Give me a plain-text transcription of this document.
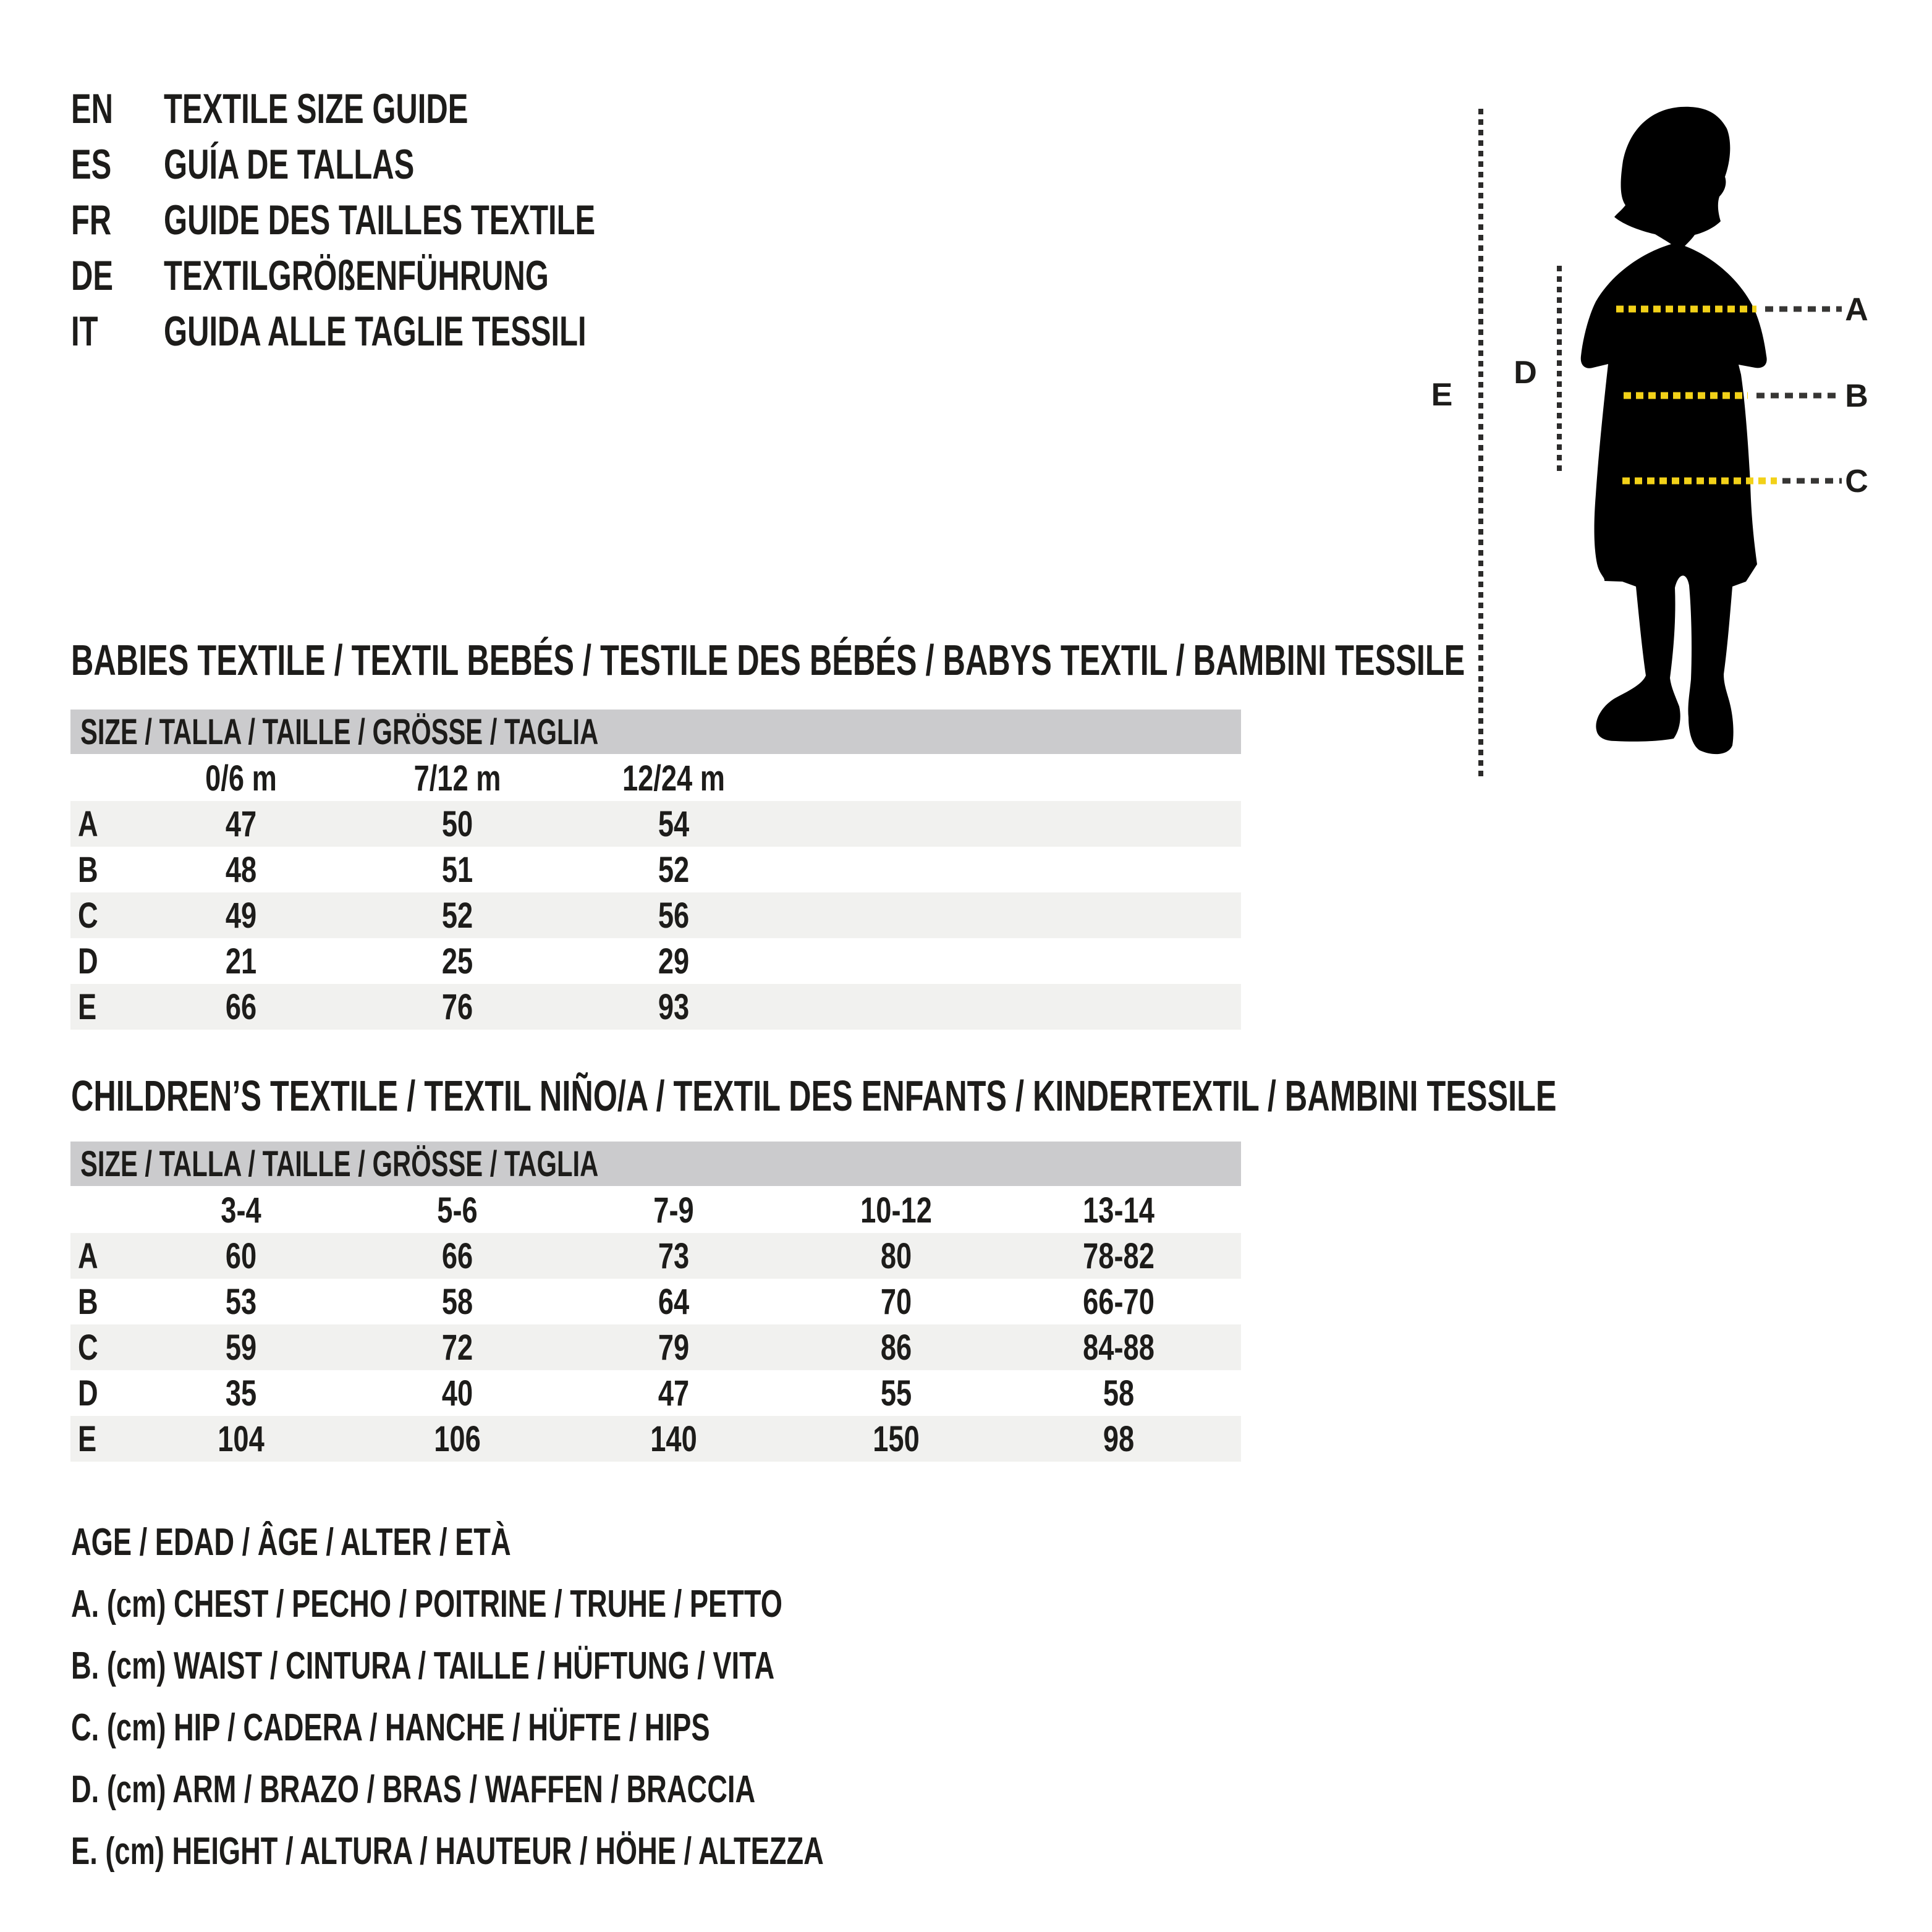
EN	TEXTILE SIZE GUIDE
ES	GUÍA DE TALLAS
FR	GUIDE DES TAILLES TEXTILE
DE	TEXTILGRÖßENFÜHRUNG
IT GUIDA ALLE TAGLIE TESSILI	A
B
C
D
E
BABIES TEXTILE / TEXTIL BEBÉS / TESTILE DES BÉBÉS / BABYS TEXTIL / BAMBINI TESSILE
SIZE / TALLA / TAILLE / GRÖSSE / TAGLIA
0/6 m	7/12 m	12/24 m
A	47	50	54
B	48	51	52
C	49	52	56
D	21	25	29
E	66	76	93
CHILDREN’S TEXTILE / TEXTIL NIÑO/A / TEXTIL DES ENFANTS / KINDERTEXTIL / BAMBINI TESSILE
SIZE / TALLA / TAILLE / GRÖSSE / TAGLIA
3-4	5-6	7-9	10-12	13-14
A	60	66	73	80	78-82
B	53	58	64	70	66-70
C	59	72	79	86	84-88
D	35	40	47	55	58
E	104	106	140	150	98
AGE / EDAD / ÂGE / ALTER / ETÀ
A. (cm) CHEST / PECHO / POITRINE / TRUHE / PETTO
B. (cm) WAIST / CINTURA / TAILLE / HÜFTUNG / VITA
C. (cm) HIP / CADERA / HANCHE / HÜFTE / HIPS
D. (cm) ARM / BRAZO / BRAS / WAFFEN / BRACCIA
E. (cm) HEIGHT / ALTURA / HAUTEUR / HÖHE / ALTEZZA
